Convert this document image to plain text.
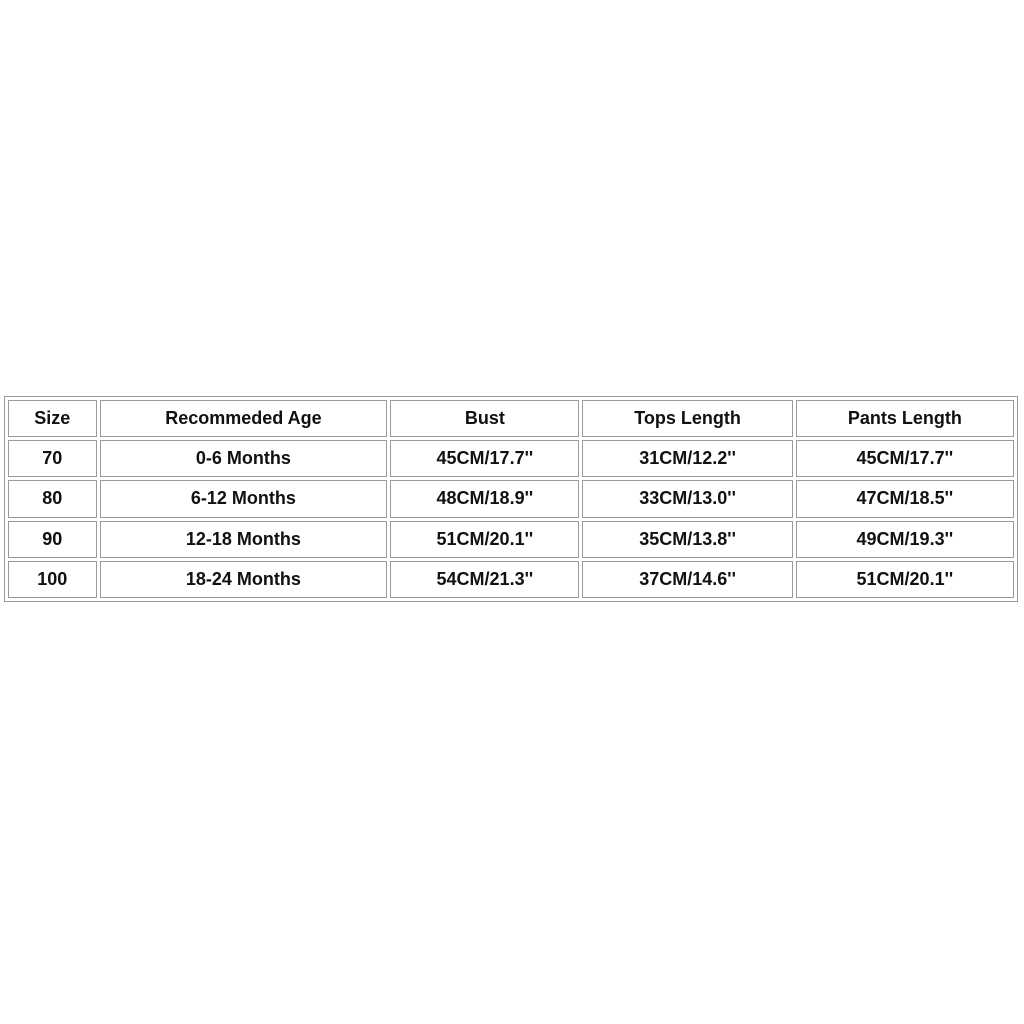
Size	Recommeded Age	Bust	Tops Length	Pants Length
70	0-6 Months	45CM/17.7''	31CM/12.2''	45CM/17.7''
80	6-12 Months	48CM/18.9''	33CM/13.0''	47CM/18.5''
90	12-18 Months	51CM/20.1''	35CM/13.8''	49CM/19.3''
100	18-24 Months	54CM/21.3''	37CM/14.6''	51CM/20.1''
